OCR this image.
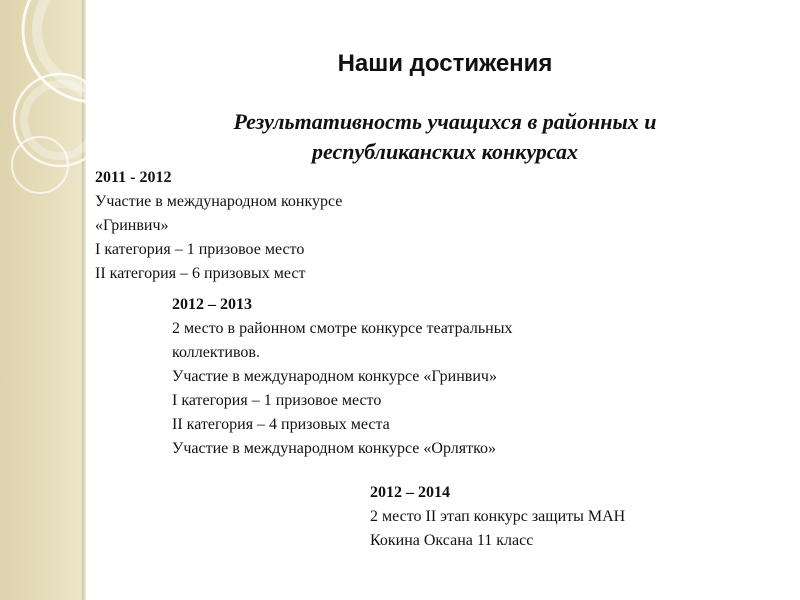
Наши достижения
Результативность учащихся в районных и республиканских конкурсах
2011 - 2012
Участие в международном конкурсе
«Гринвич»
I категория – 1 призовое место
II категория – 6 призовых мест
2012 – 2013
2 место в районном смотре конкурсе театральных
коллективов.
Участие в международном конкурсе «Гринвич»
I категория – 1 призовое место
II категория – 4 призовых места
Участие в международном конкурсе «Орлятко»
2012 – 2014
2 место II этап конкурс защиты МАН
Кокина Оксана 11 класс
